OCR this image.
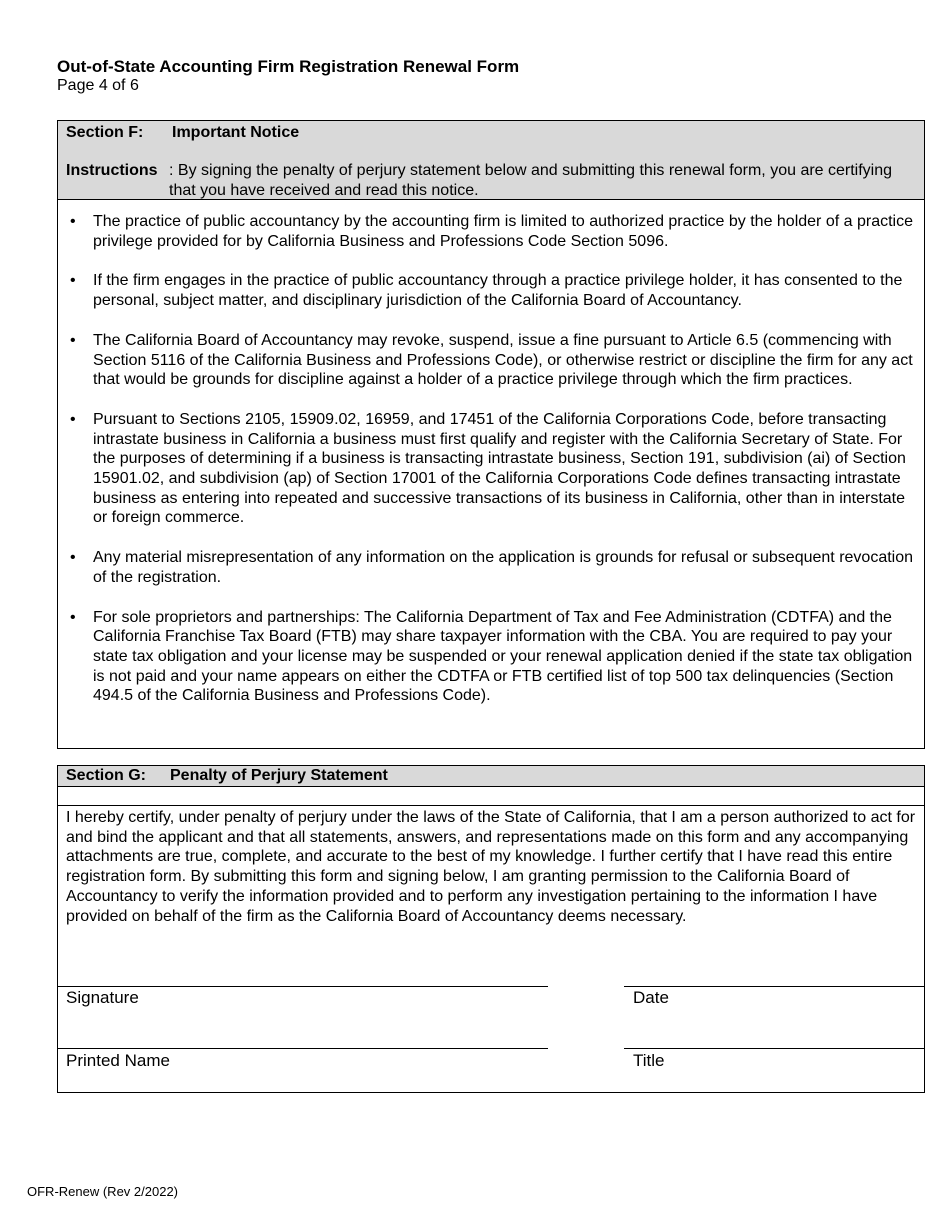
Out-of-State Accounting Firm Registration Renewal Form
Page 4 of 6
Section F: Important Notice
Instructions : By signing the penalty of perjury statement below and submitting this renewal form, you are certifying that you have received and read this notice.
• The practice of public accountancy by the accounting firm is limited to authorized practice by the holder of a practice privilege provided for by California Business and Professions Code Section 5096.
• If the firm engages in the practice of public accountancy through a practice privilege holder, it has consented to the personal, subject matter, and disciplinary jurisdiction of the California Board of Accountancy.
• The California Board of Accountancy may revoke, suspend, issue a fine pursuant to Article 6.5 (commencing with Section 5116 of the California Business and Professions Code), or otherwise restrict or discipline the firm for any act that would be grounds for discipline against a holder of a practice privilege through which the firm practices.
• Pursuant to Sections 2105, 15909.02, 16959, and 17451 of the California Corporations Code, before transacting intrastate business in California a business must first qualify and register with the California Secretary of State. For the purposes of determining if a business is transacting intrastate business, Section 191, subdivision (ai) of Section 15901.02, and subdivision (ap) of Section 17001 of the California Corporations Code defines transacting intrastate business as entering into repeated and successive transactions of its business in California, other than in interstate or foreign commerce.
• Any material misrepresentation of any information on the application is grounds for refusal or subsequent revocation of the registration.
• For sole proprietors and partnerships: The California Department of Tax and Fee Administration (CDTFA) and the California Franchise Tax Board (FTB) may share taxpayer information with the CBA. You are required to pay your state tax obligation and your license may be suspended or your renewal application denied if the state tax obligation is not paid and your name appears on either the CDTFA or FTB certified list of top 500 tax delinquencies (Section 494.5 of the California Business and Professions Code).
Section G: Penalty of Perjury Statement
I hereby certify, under penalty of perjury under the laws of the State of California, that I am a person authorized to act for and bind the applicant and that all statements, answers, and representations made on this form and any accompanying attachments are true, complete, and accurate to the best of my knowledge. I further certify that I have read this entire registration form. By submitting this form and signing below, I am granting permission to the California Board of Accountancy to verify the information provided and to perform any investigation pertaining to the information I have provided on behalf of the firm as the California Board of Accountancy deems necessary.
Signature	Date
Printed Name	Title
OFR-Renew (Rev 2/2022)
